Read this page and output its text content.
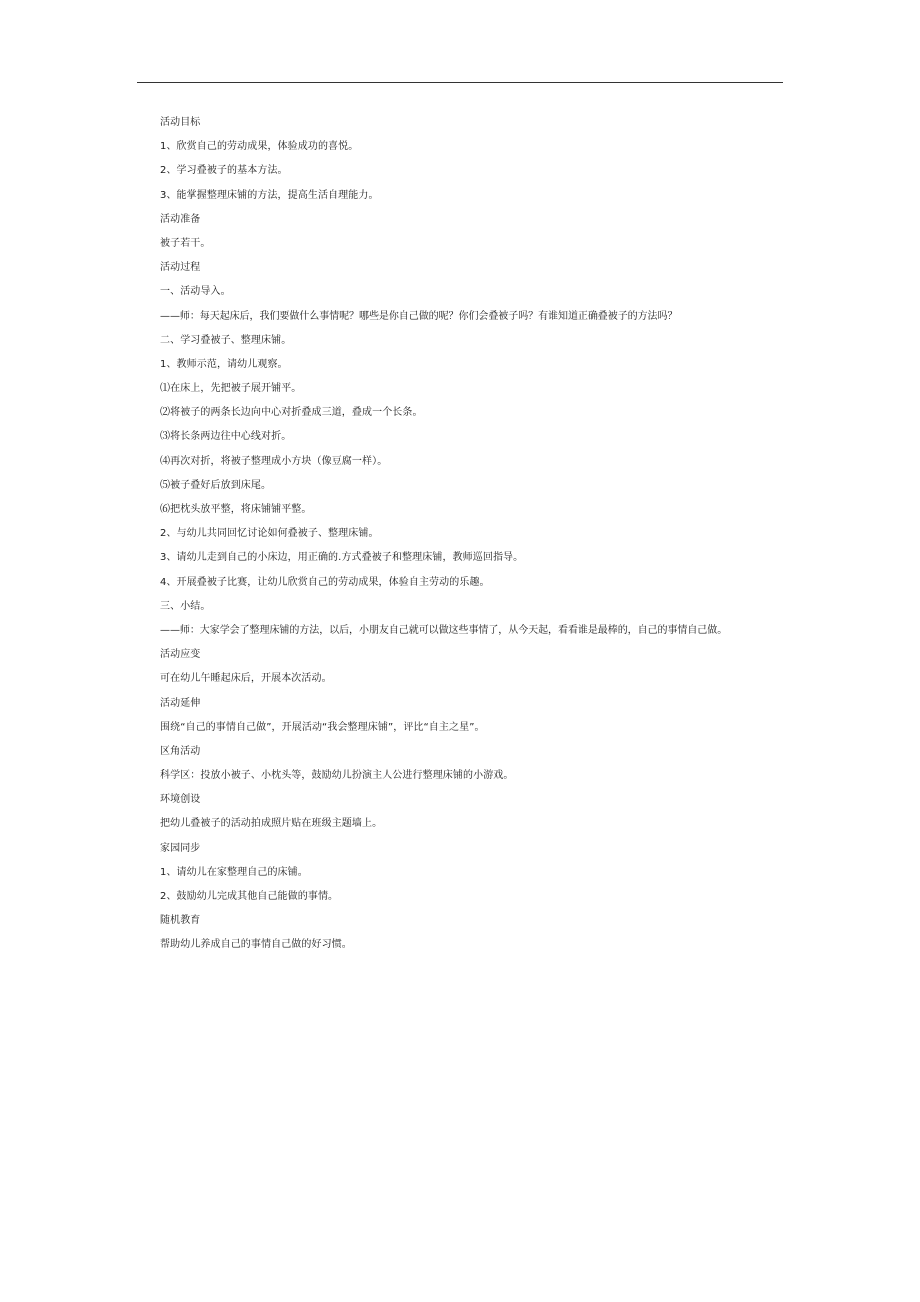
活动目标
1、欣赏自己的劳动成果，体验成功的喜悦。
2、学习叠被子的基本方法。
3、能掌握整理床铺的方法，提高生活自理能力。
活动准备
被子若干。
活动过程
一、活动导入。
——师：每天起床后，我们要做什么事情呢？哪些是你自己做的呢？你们会叠被子吗？有谁知道正确叠被子的方法吗？
二、学习叠被子、整理床铺。
1、教师示范，请幼儿观察。
⑴在床上，先把被子展开铺平。
⑵将被子的两条长边向中心对折叠成三道，叠成一个长条。
⑶将长条两边往中心线对折。
⑷再次对折，将被子整理成小方块（像豆腐一样）。
⑸被子叠好后放到床尾。
⑹把枕头放平整，将床铺铺平整。
2、与幼儿共同回忆讨论如何叠被子、整理床铺。
3、请幼儿走到自己的小床边，用正确的.方式叠被子和整理床铺，教师巡回指导。
4、开展叠被子比赛，让幼儿欣赏自己的劳动成果，体验自主劳动的乐趣。
三、小结。
——师：大家学会了整理床铺的方法，以后，小朋友自己就可以做这些事情了，从今天起，看看谁是最棒的，自己的事情自己做。
活动应变
可在幼儿午睡起床后，开展本次活动。
活动延伸
围绕“自己的事情自己做”，开展活动“我会整理床铺”，评比“自主之星”。
区角活动
科学区：投放小被子、小枕头等，鼓励幼儿扮演主人公进行整理床铺的小游戏。
环境创设
把幼儿叠被子的活动拍成照片贴在班级主题墙上。
家园同步
1、请幼儿在家整理自己的床铺。
2、鼓励幼儿完成其他自己能做的事情。
随机教育
帮助幼儿养成自己的事情自己做的好习惯。
